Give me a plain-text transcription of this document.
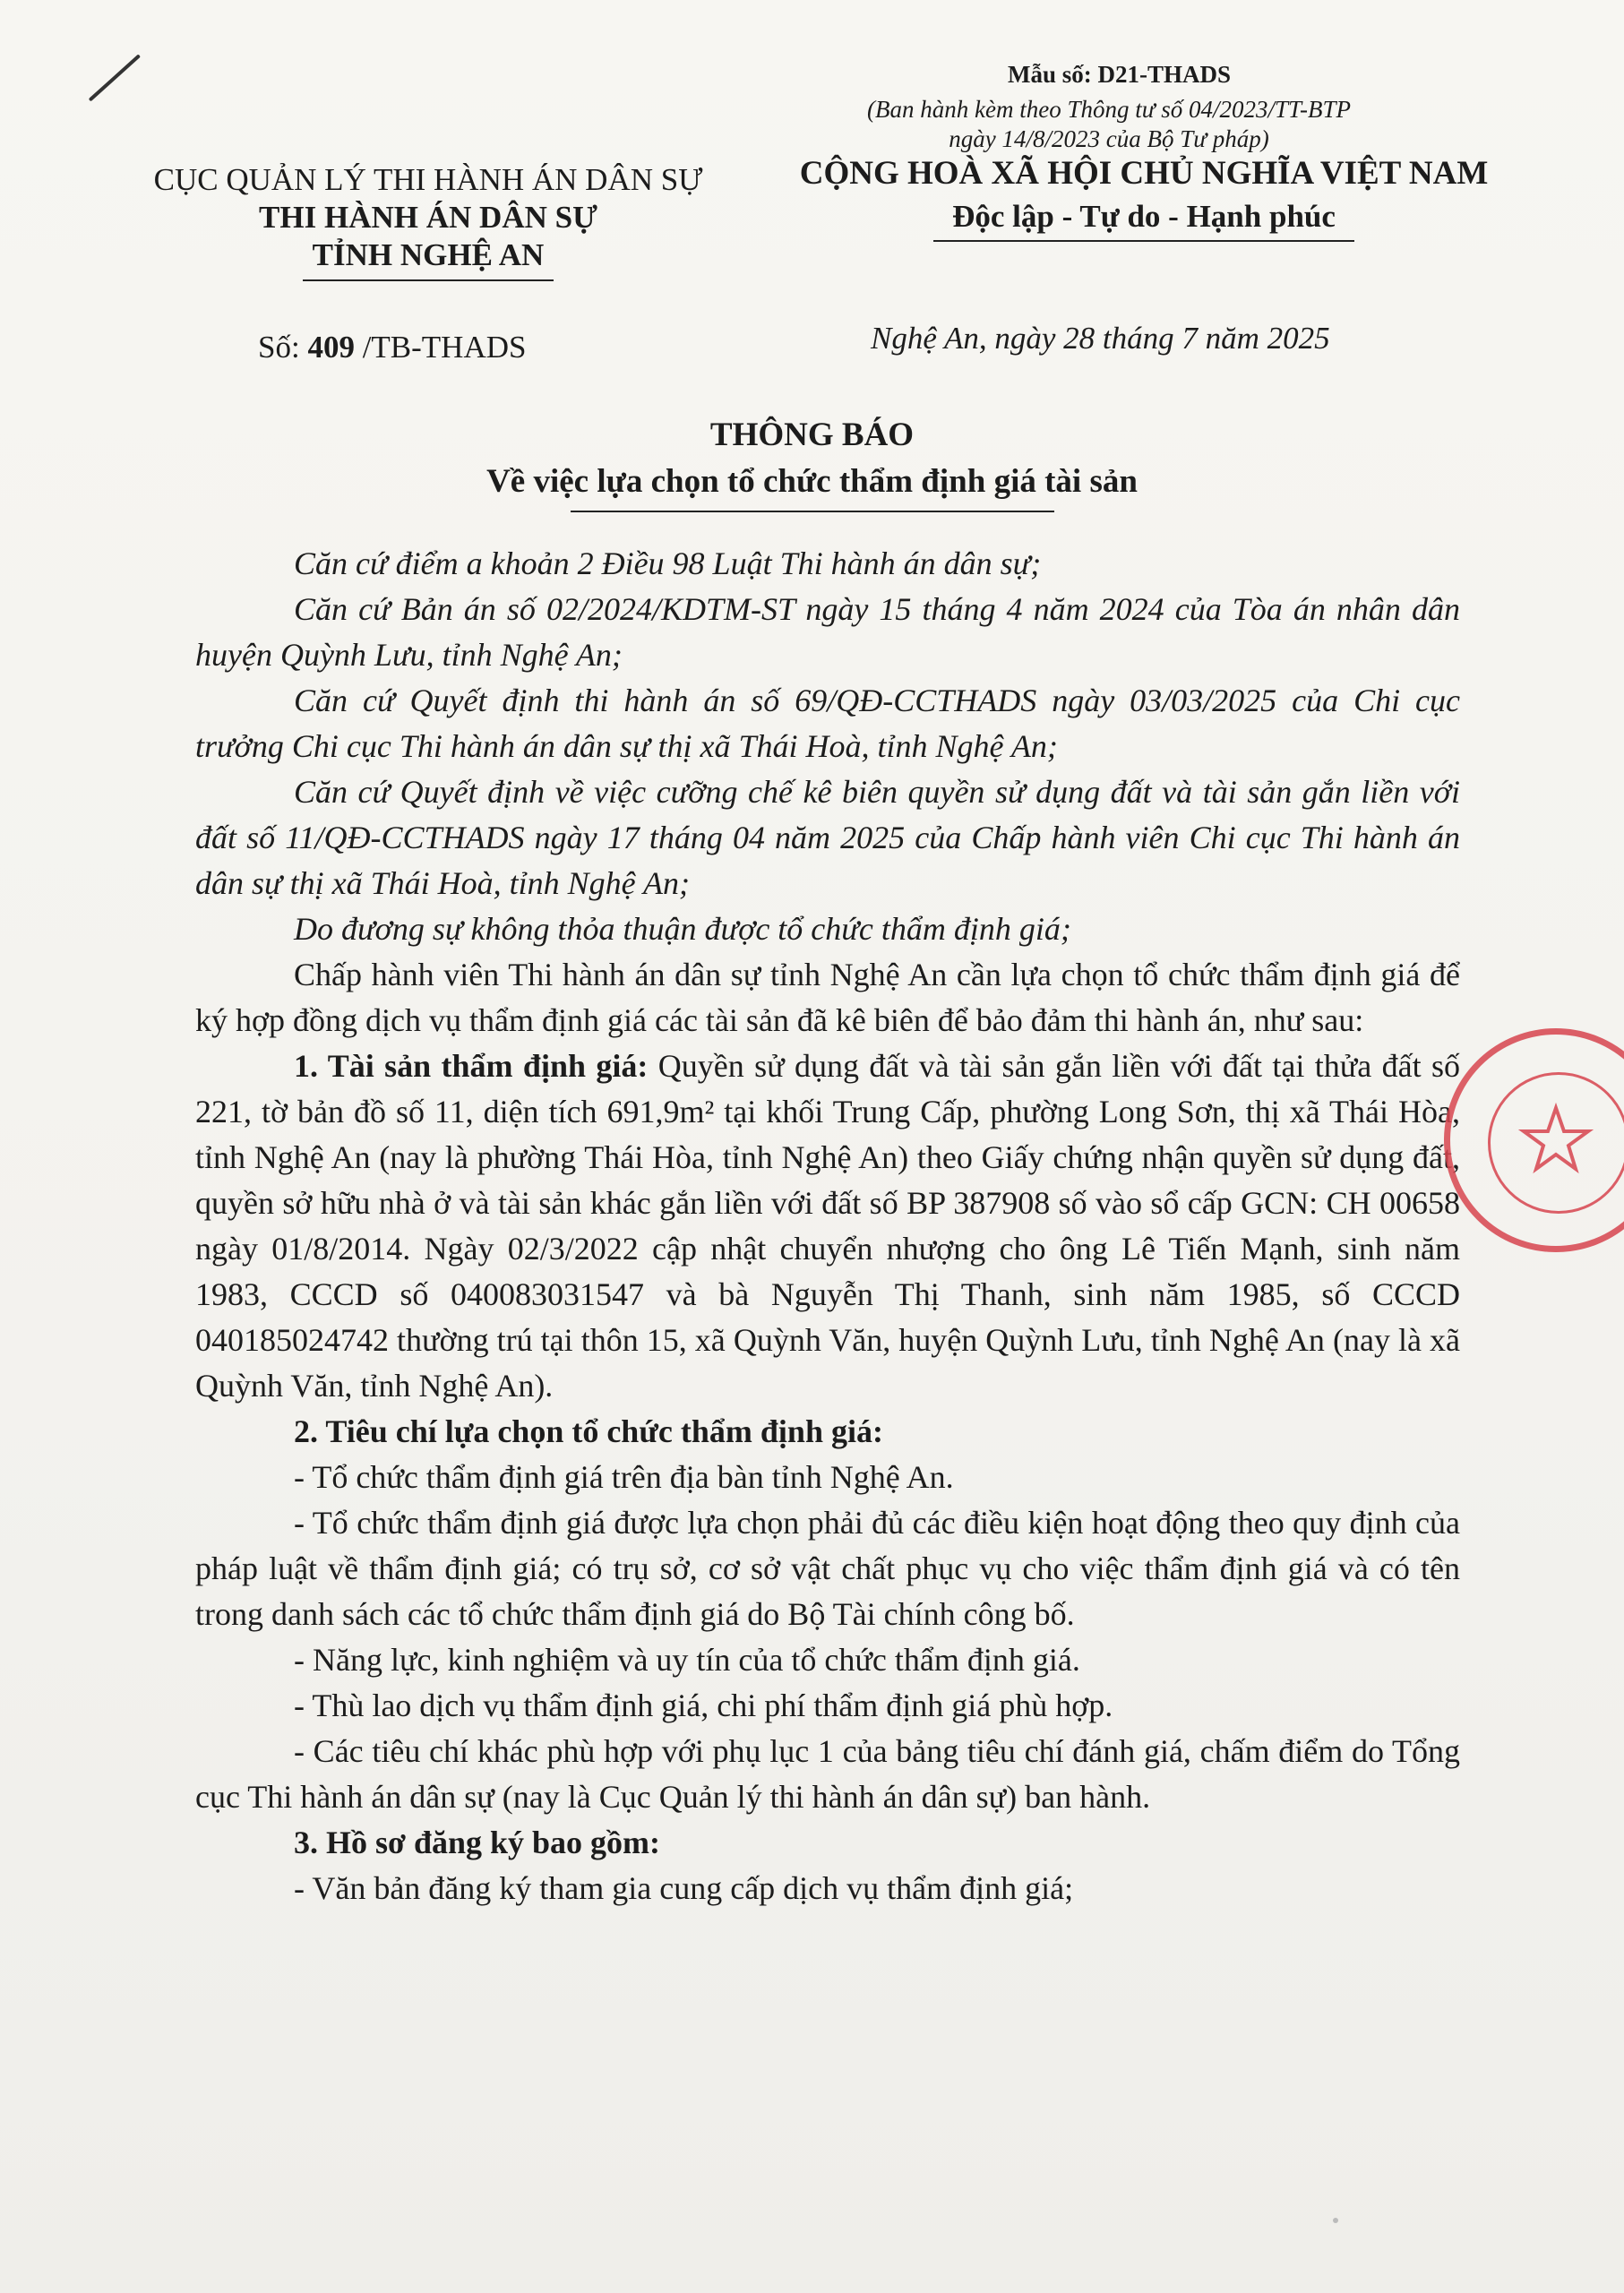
Mẫu số: D21-THADS
(Ban hành kèm theo Thông tư số 04/2023/TT-BTP
ngày 14/8/2023 của Bộ Tư pháp)
CỤC QUẢN LÝ THI HÀNH ÁN DÂN SỰ
THI HÀNH ÁN DÂN SỰ
TỈNH NGHỆ AN
CỘNG HOÀ XÃ HỘI CHỦ NGHĨA VIỆT NAM
Độc lập - Tự do - Hạnh phúc
Số: 409 /TB-THADS	Nghệ An, ngày 28 tháng 7 năm 2025
THÔNG BÁO
Về việc lựa chọn tổ chức thẩm định giá tài sản

Căn cứ điểm a khoản 2 Điều 98 Luật Thi hành án dân sự;

Căn cứ Bản án số 02/2024/KDTM-ST ngày 15 tháng 4 năm 2024 của Tòa án nhân dân huyện Quỳnh Lưu, tỉnh Nghệ An;

Căn cứ Quyết định thi hành án số 69/QĐ-CCTHADS ngày 03/03/2025 của Chi cục trưởng Chi cục Thi hành án dân sự thị xã Thái Hoà, tỉnh Nghệ An;

Căn cứ Quyết định về việc cưỡng chế kê biên quyền sử dụng đất và tài sản gắn liền với đất số 11/QĐ-CCTHADS ngày 17 tháng 04 năm 2025 của Chấp hành viên Chi cục Thi hành án dân sự thị xã Thái Hoà, tỉnh Nghệ An;

Do đương sự không thỏa thuận được tổ chức thẩm định giá;

Chấp hành viên Thi hành án dân sự tỉnh Nghệ An cần lựa chọn tổ chức thẩm định giá để ký hợp đồng dịch vụ thẩm định giá các tài sản đã kê biên để bảo đảm thi hành án, như sau:

1. Tài sản thẩm định giá: Quyền sử dụng đất và tài sản gắn liền với đất tại thửa đất số 221, tờ bản đồ số 11, diện tích 691,9m² tại khối Trung Cấp, phường Long Sơn, thị xã Thái Hòa, tỉnh Nghệ An (nay là phường Thái Hòa, tỉnh Nghệ An) theo Giấy chứng nhận quyền sử dụng đất, quyền sở hữu nhà ở và tài sản khác gắn liền với đất số BP 387908 số vào sổ cấp GCN: CH 00658 ngày 01/8/2014. Ngày 02/3/2022 cập nhật chuyển nhượng cho ông Lê Tiến Mạnh, sinh năm 1983, CCCD số 040083031547 và bà Nguyễn Thị Thanh, sinh năm 1985, số CCCD 040185024742 thường trú tại thôn 15, xã Quỳnh Văn, huyện Quỳnh Lưu, tỉnh Nghệ An (nay là xã Quỳnh Văn, tỉnh Nghệ An).

2. Tiêu chí lựa chọn tổ chức thẩm định giá:

- Tổ chức thẩm định giá trên địa bàn tỉnh Nghệ An.

- Tổ chức thẩm định giá được lựa chọn phải đủ các điều kiện hoạt động theo quy định của pháp luật về thẩm định giá; có trụ sở, cơ sở vật chất phục vụ cho việc thẩm định giá và có tên trong danh sách các tổ chức thẩm định giá do Bộ Tài chính công bố.

- Năng lực, kinh nghiệm và uy tín của tổ chức thẩm định giá.

- Thù lao dịch vụ thẩm định giá, chi phí thẩm định giá phù hợp.

- Các tiêu chí khác phù hợp với phụ lục 1 của bảng tiêu chí đánh giá, chấm điểm do Tổng cục Thi hành án dân sự (nay là Cục Quản lý thi hành án dân sự) ban hành.

3. Hồ sơ đăng ký bao gồm:

- Văn bản đăng ký tham gia cung cấp dịch vụ thẩm định giá;
